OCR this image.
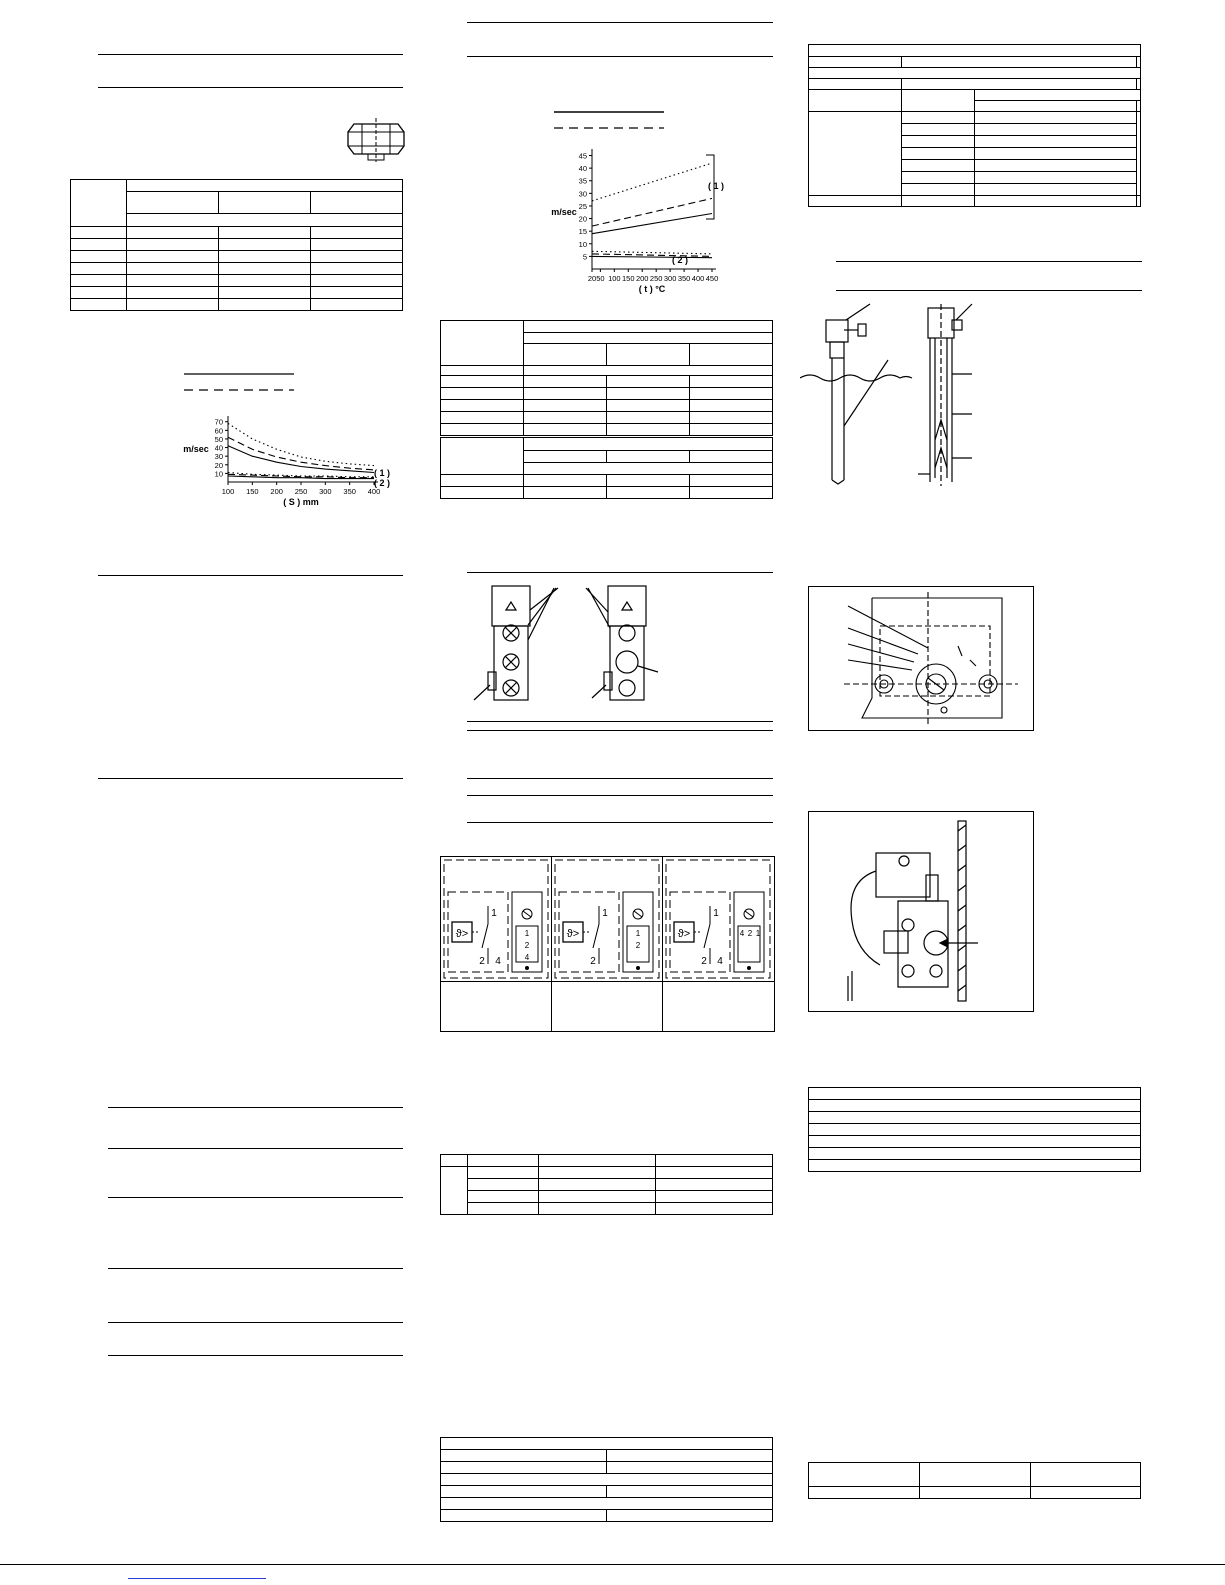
10
20
30
40
50
60
70
100 150 200 250 300 350 400
m/sec
( S ) mm
( 1 )
( 2 )
5
10
15
20
25
30
35
40
45
20 50 100 150 200 250 300 350 400 450
m/sec
( t ) °C
( 1 )
( 2 )

ϑ>
1
2 4
1
2
4
ϑ>
1
2
1
2
ϑ>
1
2 4
4 2 1
